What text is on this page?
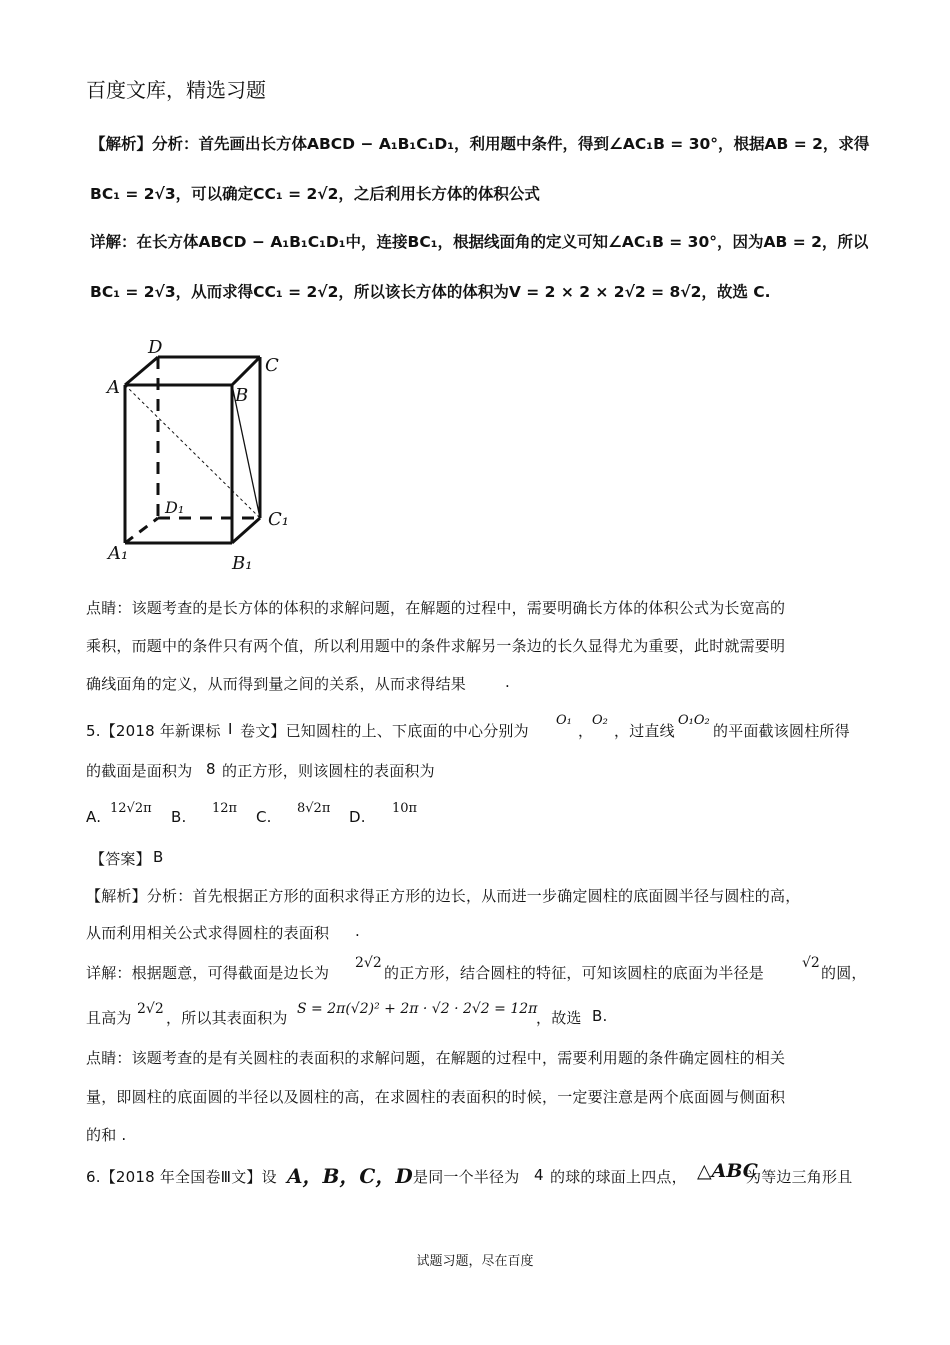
百度文库，精选习题
【解析】分析：首先画出长方体ABCD − A₁B₁C₁D₁，利用题中条件，得到∠AC₁B = 30°，根据AB = 2，求得
BC₁ = 2√3，可以确定CC₁ = 2√2，之后利用长方体的体积公式
详解：在长方体ABCD − A₁B₁C₁D₁中，连接BC₁，根据线面角的定义可知∠AC₁B = 30°，因为AB = 2，所以
BC₁ = 2√3，从而求得CC₁ = 2√2，所以该长方体的体积为V = 2 × 2 × 2√2 = 8√2，故选 C.
A
D
C
B
D₁
C₁
A₁	B₁
点睛：该题考查的是长方体的体积的求解问题，在解题的过程中，需要明确长方体的体积公式为长宽高的
乘积，而题中的条件只有两个值，所以利用题中的条件求解另一条边的长久显得尤为重要，此时就需要明
确线面角的定义，从而得到量之间的关系，从而求得结果	.
5.【2018 年新课标 I 卷文】已知圆柱的上、下底面的中心分别为
O₁
，
O₂
，过直线
O₁O₂
的平面截该圆柱所得
的截面是面积为 8 的正方形，则该圆柱的表面积为
A. 12√2π B. 12π C. 8√2π D. 10π
【答案】 B
【解析】分析：首先根据正方形的面积求得正方形的边长，从而进一步确定圆柱的底面圆半径与圆柱的高，
从而利用相关公式求得圆柱的表面积 .
详解：根据题意，可得截面是边长为
2√2
的正方形，结合圆柱的特征，可知该圆柱的底面为半径是
√2
的圆，
且高为 2√2 ，所以其表面积为 S = 2π(√2)² + 2π · √2 · 2√2 = 12π
，故选 B.
点睛：该题考查的是有关圆柱的表面积的求解问题，在解题的过程中，需要利用题的条件确定圆柱的相关
量，即圆柱的底面圆的半径以及圆柱的高，在求圆柱的表面积的时候，一定要注意是两个底面圆与侧面积
的和 .
6.【2018 年全国卷Ⅲ文】设 A，B，C，D 是同一个半径为 4 的球的球面上四点， △ABC
为等边三角形且
试题习题，尽在百度
